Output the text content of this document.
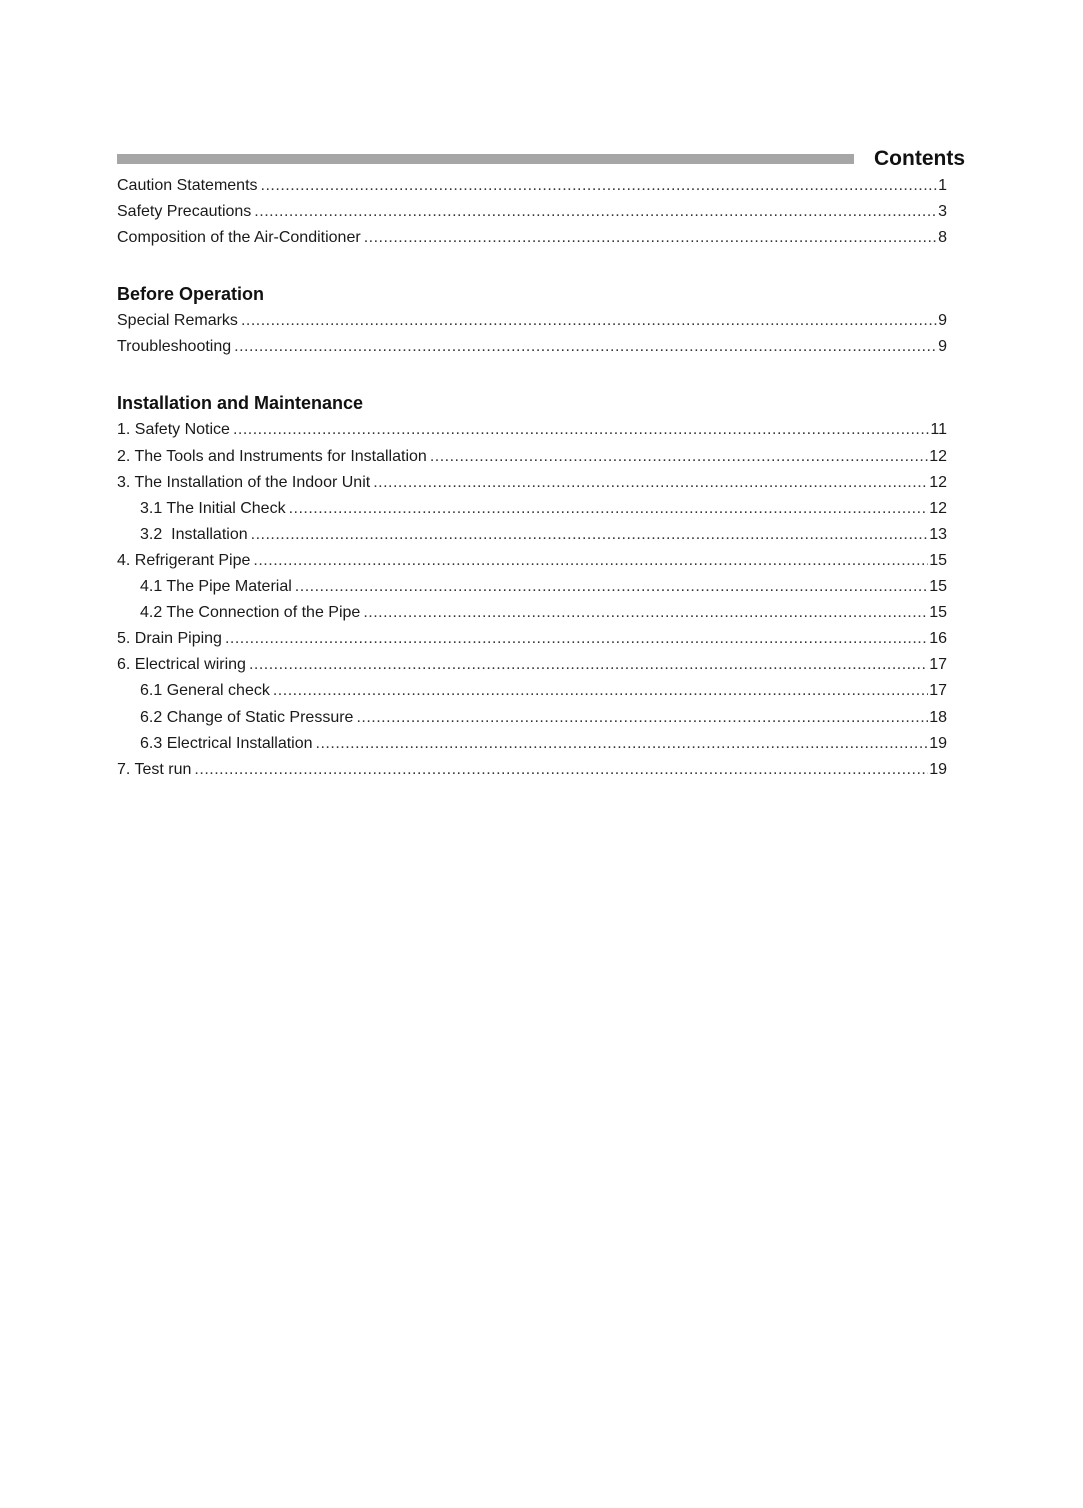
Contents
Caution Statements .....	1
Safety Precautions .....	3
Composition of the Air-Conditioner .....	8
Before Operation
Special Remarks .....	9
Troubleshooting .....	9
Installation and Maintenance
1. Safety Notice .....	11
2. The Tools and Instruments for Installation .....	12
3. The Installation of the Indoor Unit .....	12
3.1 The Initial Check .....	12
3.2  Installation .....	13
4. Refrigerant Pipe .....	15
4.1 The Pipe Material .....	15
4.2 The Connection of the Pipe .....	15
5. Drain Piping .....	16
6. Electrical wiring .....	17
6.1 General check .....	17
6.2 Change of Static Pressure .....	18
6.3 Electrical Installation .....	19
7. Test run .....	19
